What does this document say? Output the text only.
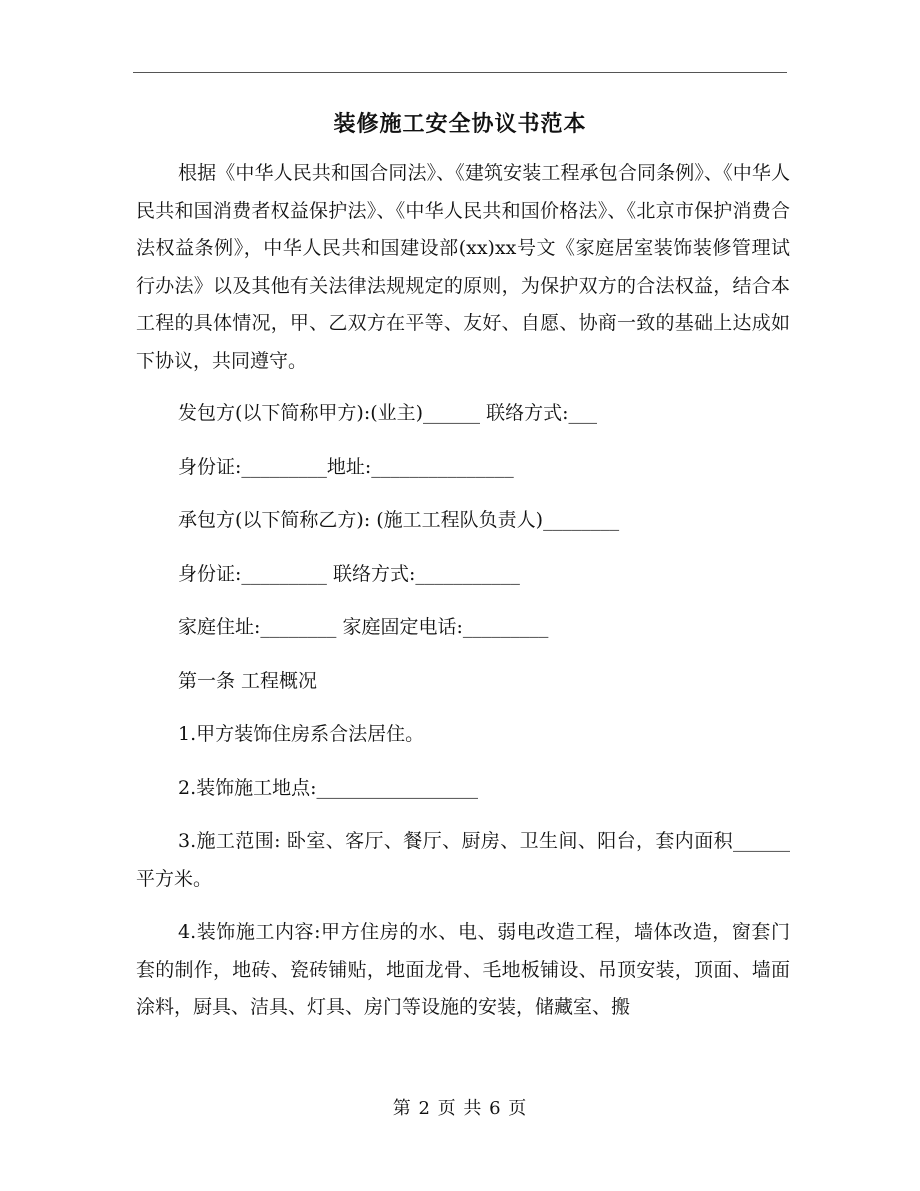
装修施工安全协议书范本

根据《中华人民共和国合同法》、《建筑安装工程承包合同条例》、《中华人民共和国消费者权益保护法》、《中华人民共和国价格法》、《北京市保护消费合法权益条例》，中华人民共和国建设部(xx)xx号文《家庭居室装饰装修管理试行办法》以及其他有关法律法规规定的原则，为保护双方的合法权益，结合本工程的具体情况，甲、乙双方在平等、友好、自愿、协商一致的基础上达成如下协议，共同遵守。

发包方(以下简称甲方):(业主)______ 联络方式:___

身份证:_________地址:_______________

承包方(以下简称乙方): (施工工程队负责人)________

身份证:_________ 联络方式:___________

家庭住址:________ 家庭固定电话:_________

第一条 工程概况

1.甲方装饰住房系合法居住。

2.装饰施工地点:_________________

3.施工范围: 卧室、客厅、餐厅、厨房、卫生间、阳台，套内面积______平方米。

4.装饰施工内容:甲方住房的水、电、弱电改造工程，墙体改造，窗套门套的制作，地砖、瓷砖铺贴，地面龙骨、毛地板铺设、吊顶安装，顶面、墙面涂料，厨具、洁具、灯具、房门等设施的安装，储藏室、搬

第 2 页 共 6 页
